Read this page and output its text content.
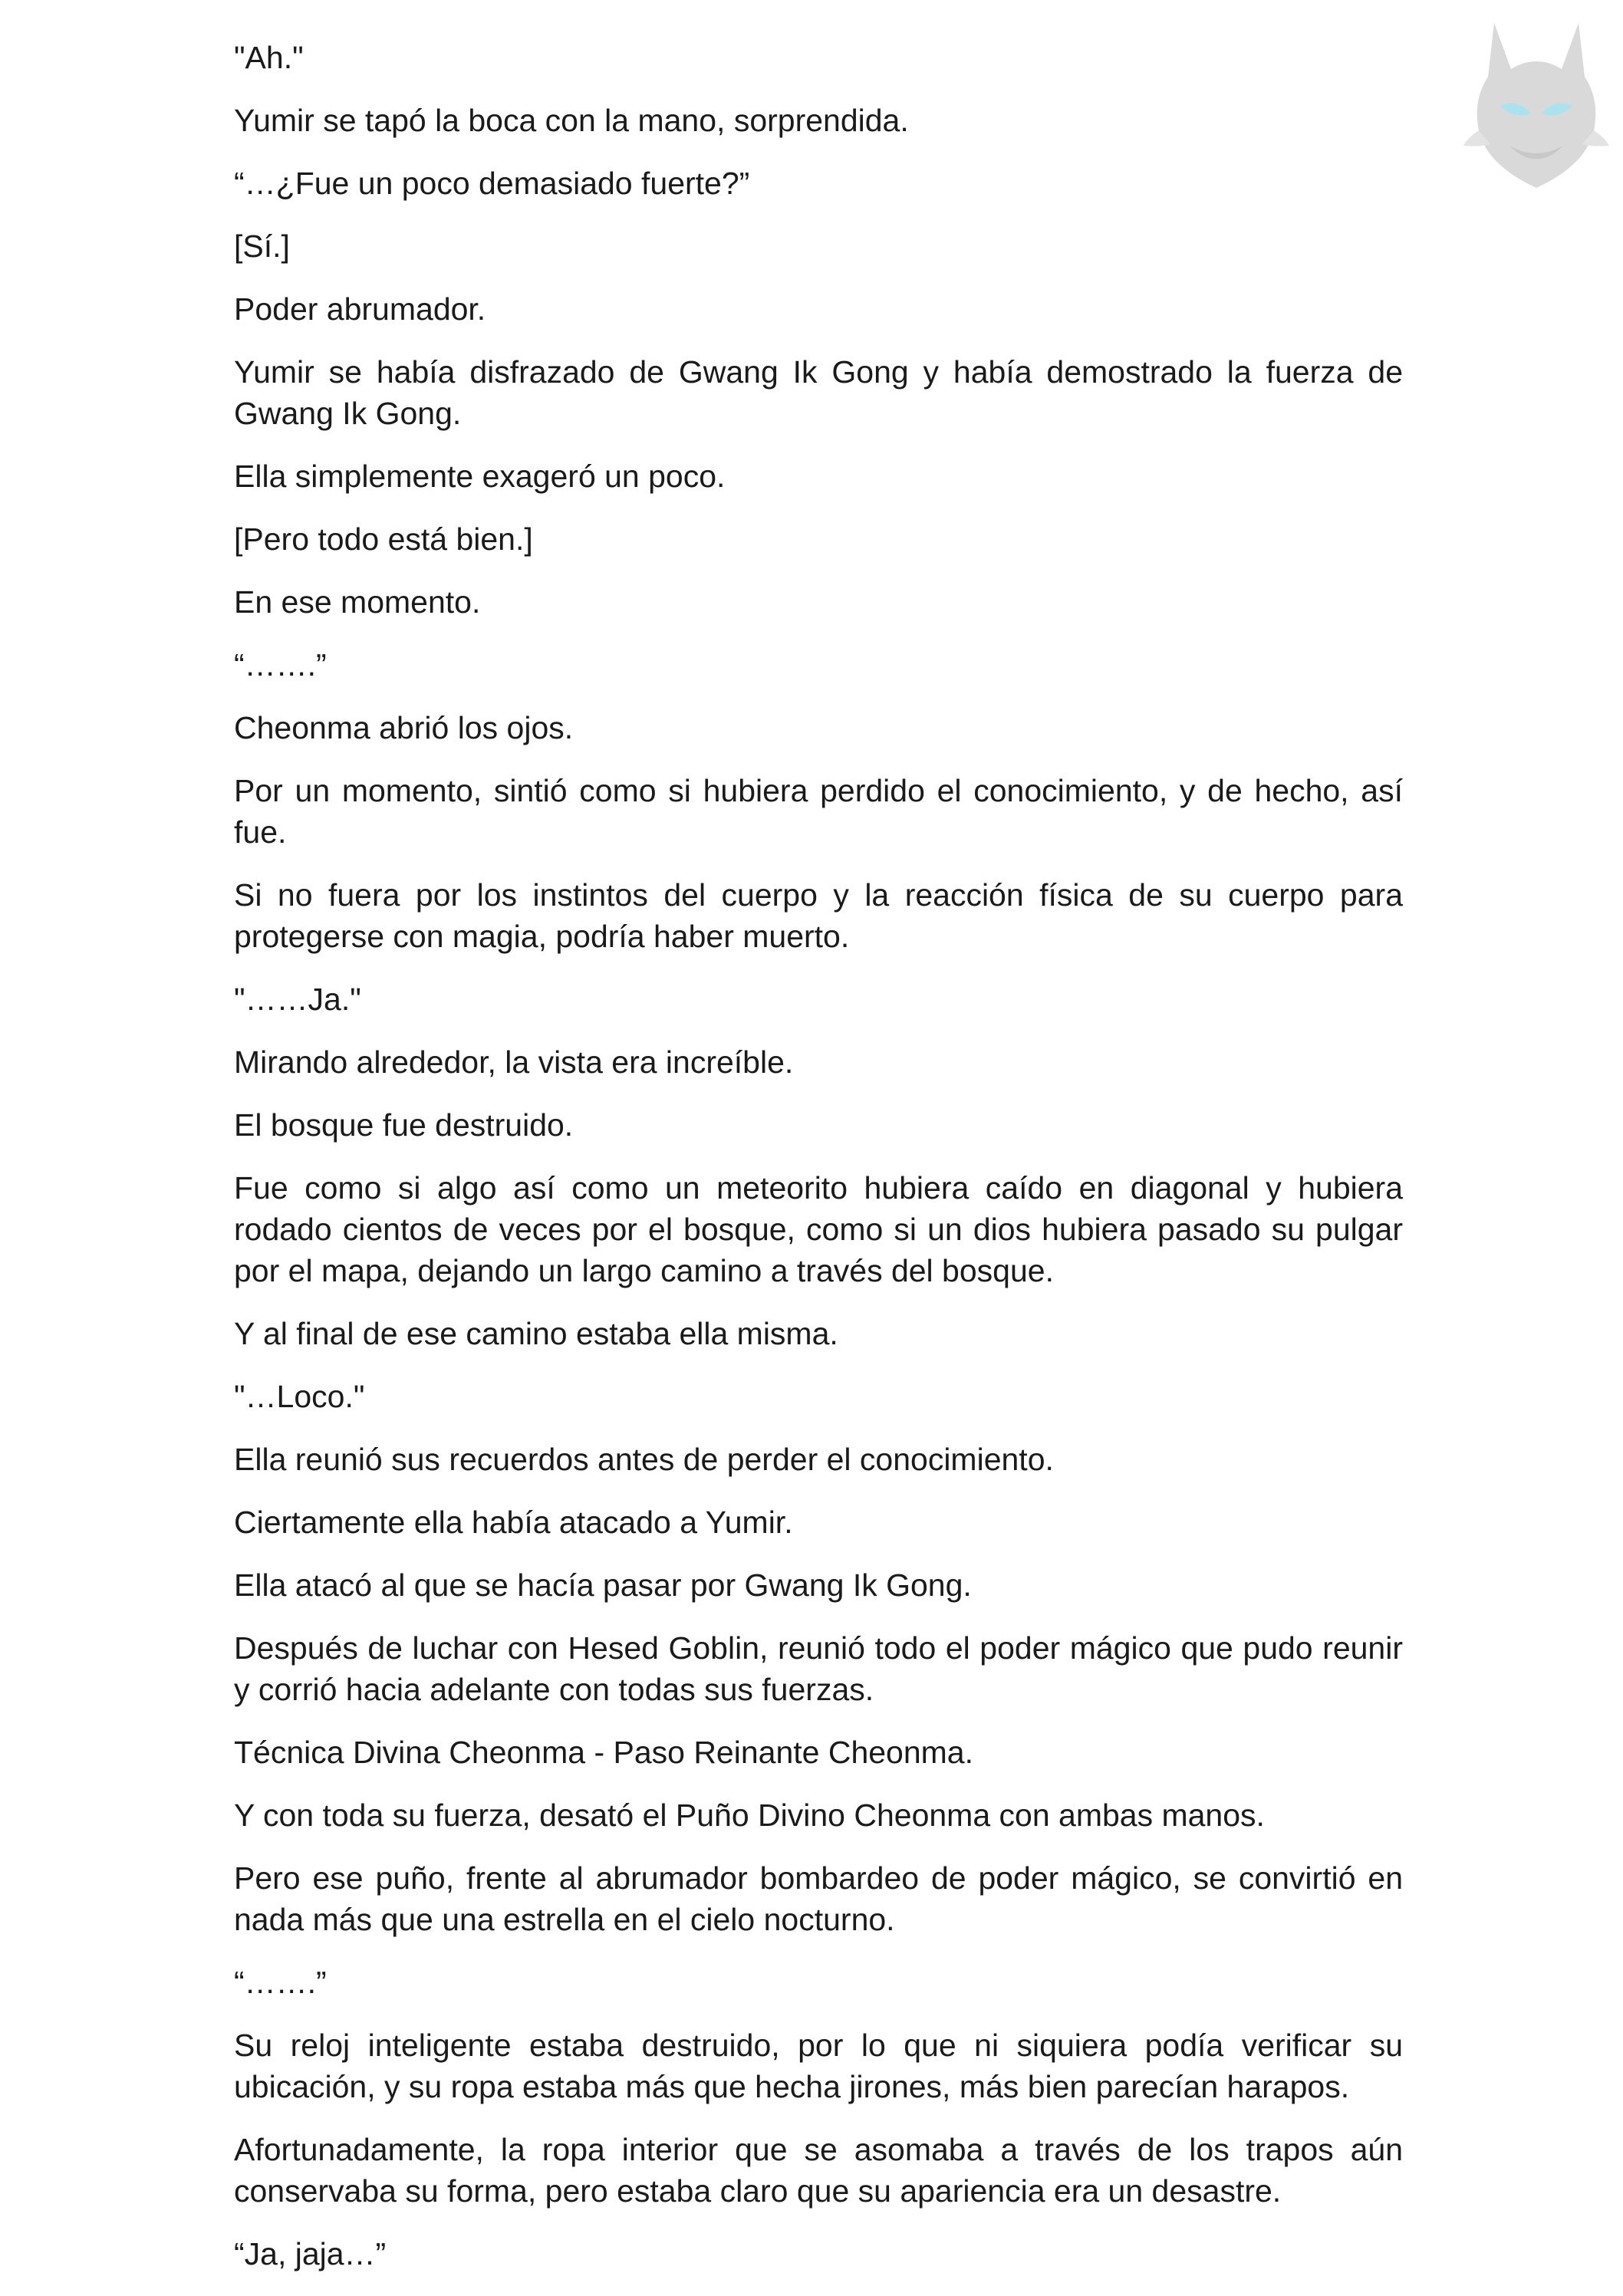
"Ah."

Yumir se tapó la boca con la mano, sorprendida.

“…¿Fue un poco demasiado fuerte?”

[Sí.]

Poder abrumador.

Yumir se había disfrazado de Gwang Ik Gong y había demostrado la fuerza de Gwang Ik Gong.

Ella simplemente exageró un poco.

[Pero todo está bien.]

En ese momento.

“…….”

Cheonma abrió los ojos.

Por un momento, sintió como si hubiera perdido el conocimiento, y de hecho, así fue.

Si no fuera por los instintos del cuerpo y la reacción física de su cuerpo para protegerse con magia, podría haber muerto.

"……Ja."

Mirando alrededor, la vista era increíble.

El bosque fue destruido.

Fue como si algo así como un meteorito hubiera caído en diagonal y hubiera rodado cientos de veces por el bosque, como si un dios hubiera pasado su pulgar por el mapa, dejando un largo camino a través del bosque.

Y al final de ese camino estaba ella misma.

"…Loco."

Ella reunió sus recuerdos antes de perder el conocimiento.

Ciertamente ella había atacado a Yumir.

Ella atacó al que se hacía pasar por Gwang Ik Gong.

Después de luchar con Hesed Goblin, reunió todo el poder mágico que pudo reunir y corrió hacia adelante con todas sus fuerzas.

Técnica Divina Cheonma - Paso Reinante Cheonma.

Y con toda su fuerza, desató el Puño Divino Cheonma con ambas manos.

Pero ese puño, frente al abrumador bombardeo de poder mágico, se convirtió en nada más que una estrella en el cielo nocturno.

“…….”

Su reloj inteligente estaba destruido, por lo que ni siquiera podía verificar su ubicación, y su ropa estaba más que hecha jirones, más bien parecían harapos.

Afortunadamente, la ropa interior que se asomaba a través de los trapos aún conservaba su forma, pero estaba claro que su apariencia era un desastre.

“Ja, jaja…”
